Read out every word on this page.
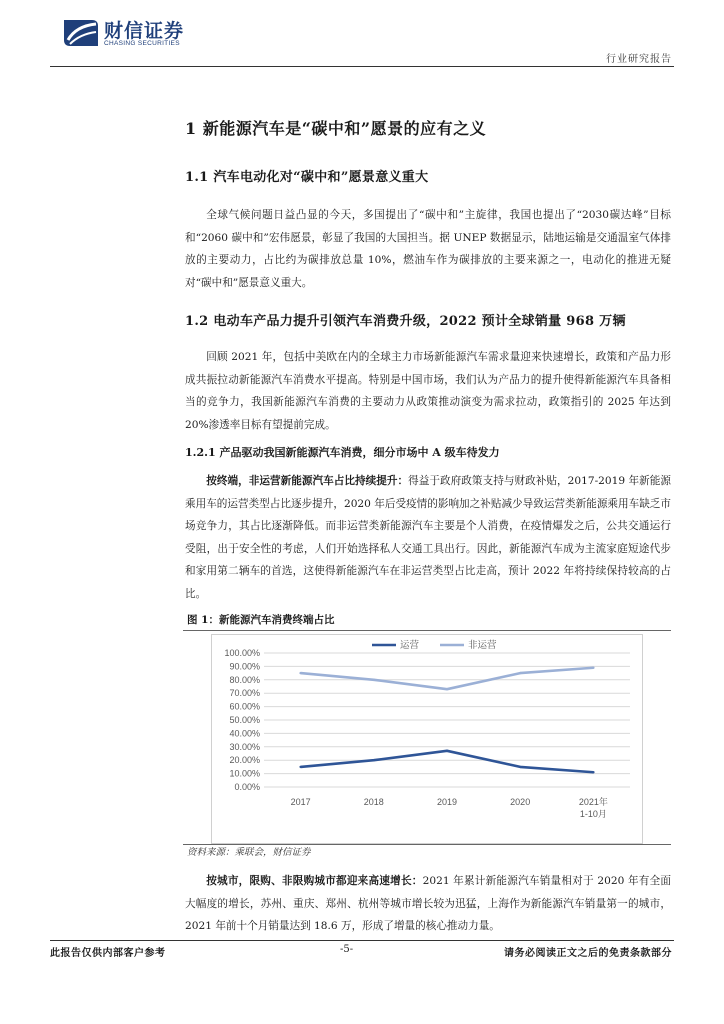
财信证券
CHASING SECURITIES
行业研究报告
1 新能源汽车是“碳中和”愿景的应有之义
1.1 汽车电动化对“碳中和”愿景意义重大

全球气候问题日益凸显的今天，多国提出了“碳中和”主旋律，我国也提出了“2030碳达峰”目标和“2060 碳中和”宏伟愿景，彰显了我国的大国担当。据 UNEP 数据显示，陆地运输是交通温室气体排放的主要动力，占比约为碳排放总量 10%，燃油车作为碳排放的主要来源之一，电动化的推进无疑对“碳中和”愿景意义重大。

1.2 电动车产品力提升引领汽车消费升级，2022 预计全球销量 968 万辆

回顾 2021 年，包括中美欧在内的全球主力市场新能源汽车需求量迎来快速增长，政策和产品力形成共振拉动新能源汽车消费水平提高。特别是中国市场，我们认为产品力的提升使得新能源汽车具备相当的竞争力，我国新能源汽车消费的主要动力从政策推动演变为需求拉动，政策指引的 2025 年达到 20%渗透率目标有望提前完成。

1.2.1 产品驱动我国新能源汽车消费，细分市场中 A 级车待发力

按终端，非运营新能源汽车占比持续提升：得益于政府政策支持与财政补贴，2017-2019 年新能源乘用车的运营类型占比逐步提升，2020 年后受疫情的影响加之补贴减少导致运营类新能源乘用车缺乏市场竞争力，其占比逐渐降低。而非运营类新能源汽车主要是个人消费，在疫情爆发之后，公共交通运行受阻，出于安全性的考虑，人们开始选择私人交通工具出行。因此，新能源汽车成为主流家庭短途代步和家用第二辆车的首选，这使得新能源汽车在非运营类型占比走高，预计 2022 年将持续保持较高的占比。

图 1：新能源汽车消费终端占比
100.00%
90.00%
80.00%
70.00%
60.00%
50.00%
40.00%
30.00%
20.00%
10.00%
0.00%
2017	2018	2019	2020	2021年
1-10月
运营	非运营
资料来源：乘联会，财信证券

按城市，限购、非限购城市都迎来高速增长：2021 年累计新能源汽车销量相对于 2020 年有全面大幅度的增长，苏州、重庆、郑州、杭州等城市增长较为迅猛，上海作为新能源汽车销量第一的城市，2021 年前十个月销量达到 18.6 万，形成了增量的核心推动力量。

此报告仅供内部客户参考	-5-	请务必阅读正文之后的免责条款部分
